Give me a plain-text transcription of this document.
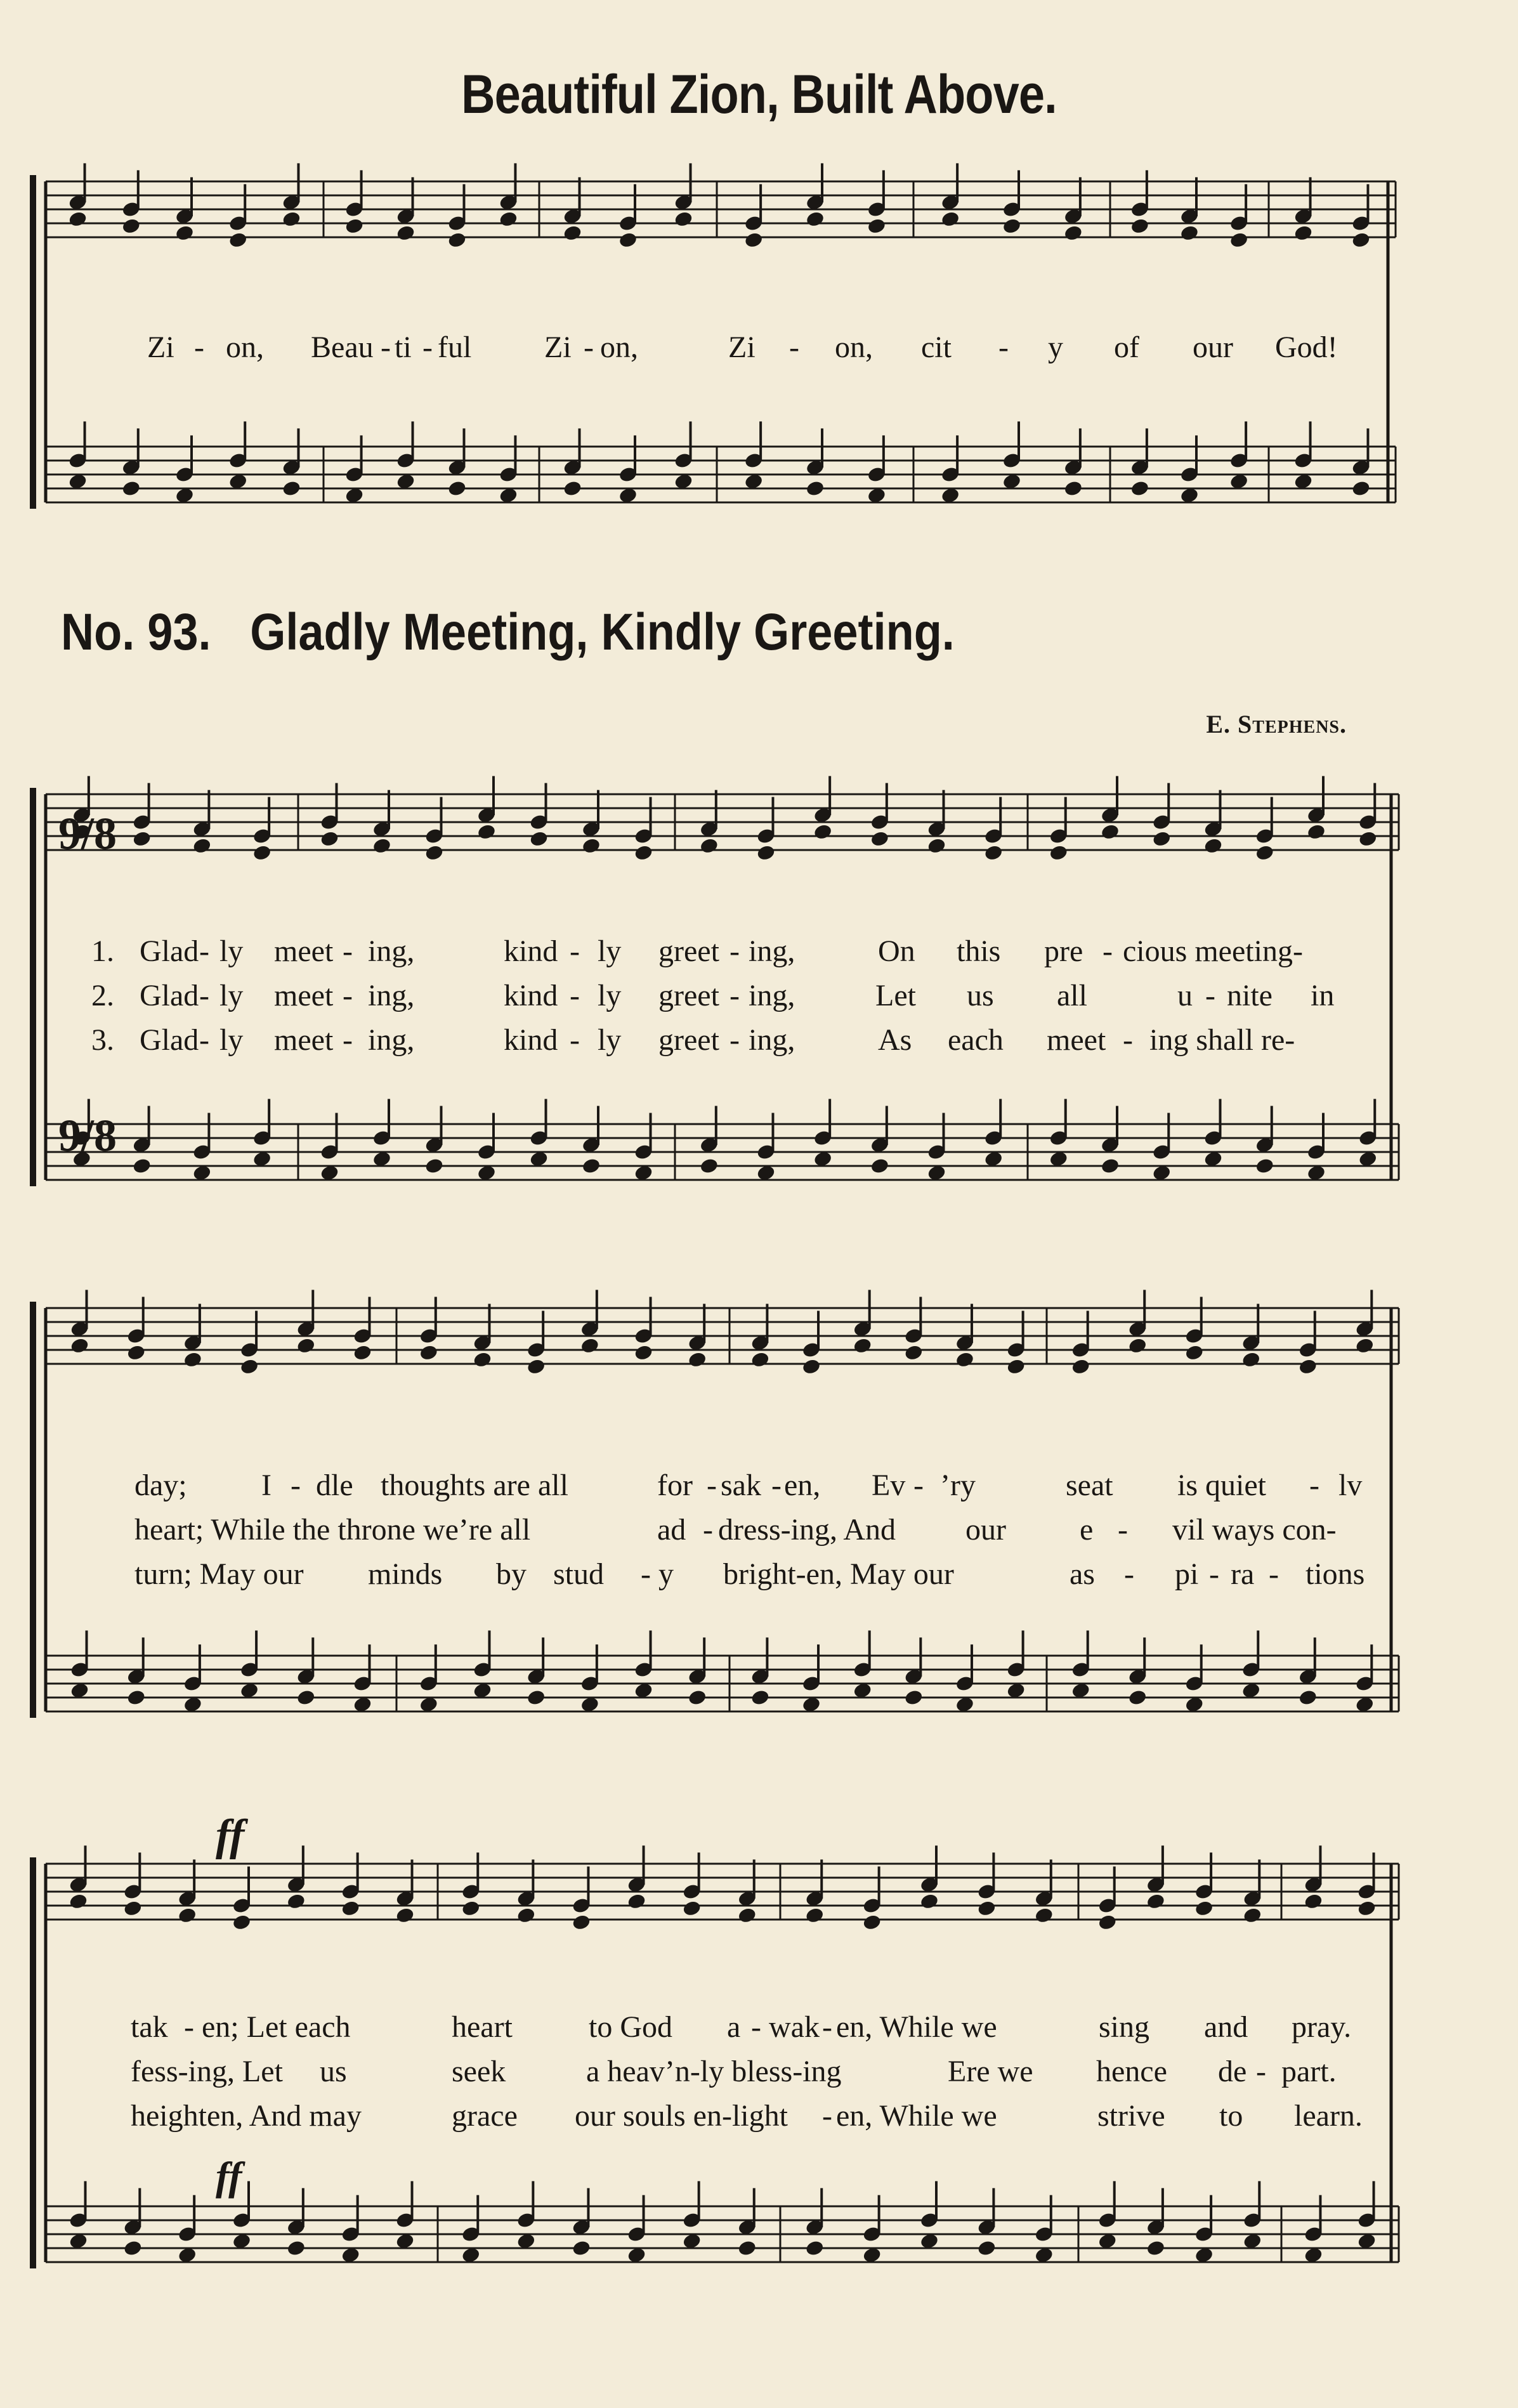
Beautiful Zion, Built Above.
Zi - on, Beau - ti - ful Zi - on,	Zi - on, cit - y of our God!
No. 93. Gladly Meeting, Kindly Greeting.
E. Stephens.
1. Glad - ly meet - ing,	kind - ly greet - ing,	On this pre - cious meeting-
2. Glad - ly meet - ing,	kind - ly greet - ing,	Let us all	u - nite in
3. Glad - ly meet - ing,	kind - ly greet - ing,	As each meet - ing shall re-
day; I - dle thoughts are all	for - sak - en, Ev - ’ry	seat is quiet - lv
heart; While the throne we’re all	ad - dress-ing, And our e - vil ways con-
turn; May our minds by stud - y bright-en, May our	as - pi - ra - tions
tak - en; Let each	heart	to God a - wak - en, While we	sing and pray.
fess-ing, Let us	seek	a heav’n-ly bless-ing	Ere we hence de - part.
heighten, And may	grace our souls en-light - en, While we	strive to learn.
9/8
9/8
ff
ff
